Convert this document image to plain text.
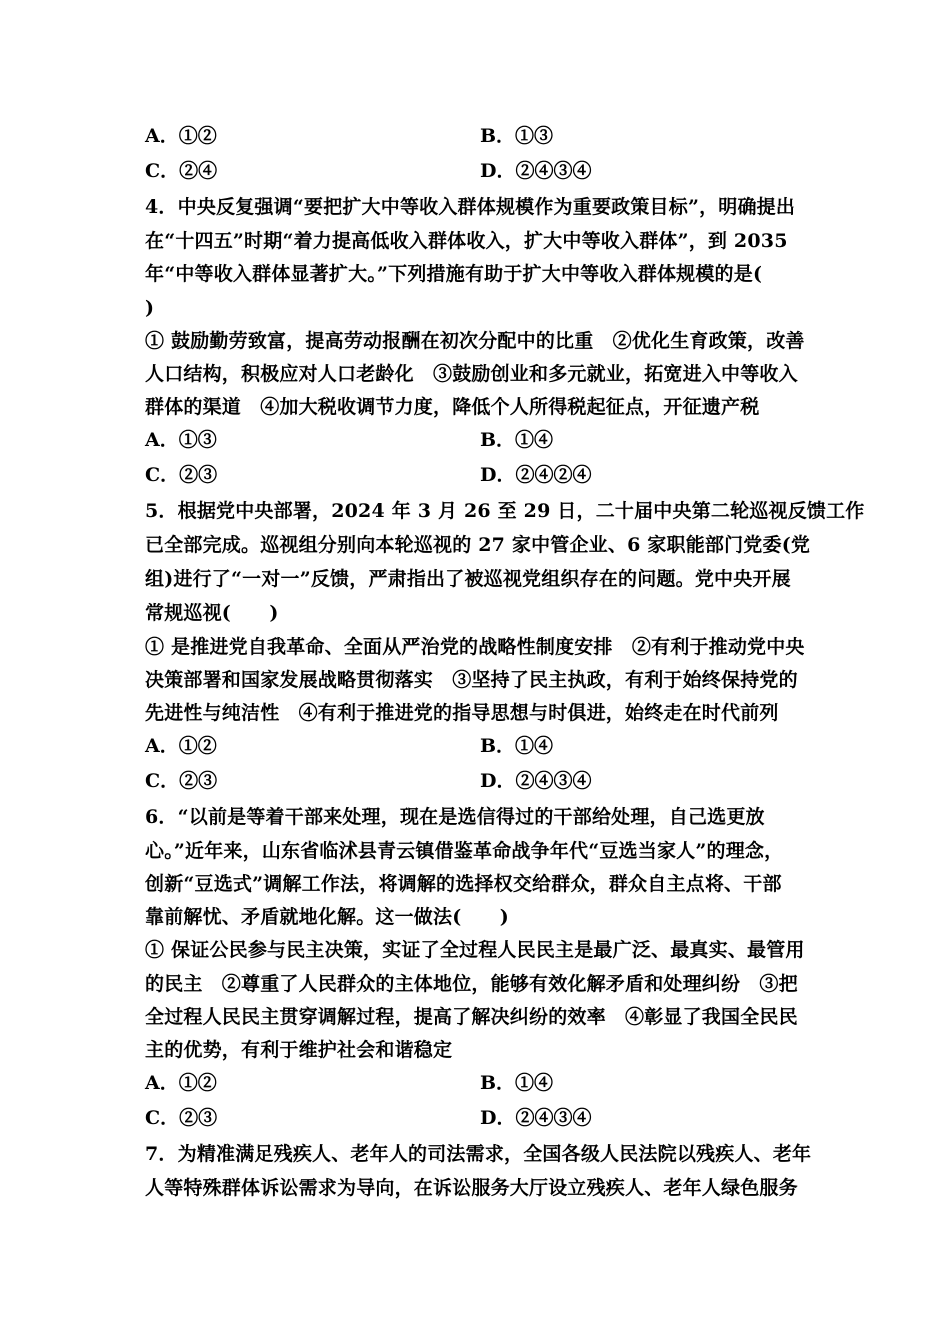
A．①②	B．①③
C．②④	D．②④③④
4．中央反复强调“要把扩大中等收入群体规模作为重要政策目标”，明确提出
在“十四五”时期“着力提高低收入群体收入，扩大中等收入群体”，到 2035
年“中等收入群体显著扩大。”下列措施有助于扩大中等收入群体规模的是(
)
① 鼓励勤劳致富，提高劳动报酬在初次分配中的比重　②优化生育政策，改善
人口结构，积极应对人口老龄化　③鼓励创业和多元就业，拓宽进入中等收入
群体的渠道　④加大税收调节力度，降低个人所得税起征点，开征遗产税
A．①③	B．①④
C．②③	D．②④②④
5．根据党中央部署，2024 年 3 月 26 至 29 日，二十届中央第二轮巡视反馈工作
已全部完成。巡视组分别向本轮巡视的 27 家中管企业、6 家职能部门党委(党
组)进行了“一对一”反馈，严肃指出了被巡视党组织存在的问题。党中央开展
常规巡视(　　)
① 是推进党自我革命、全面从严治党的战略性制度安排　②有利于推动党中央
决策部署和国家发展战略贯彻落实　③坚持了民主执政，有利于始终保持党的
先进性与纯洁性　④有利于推进党的指导思想与时俱进，始终走在时代前列
A．①②	B．①④
C．②③	D．②④③④
6．“以前是等着干部来处理，现在是选信得过的干部给处理，自己选更放
心。”近年来，山东省临沭县青云镇借鉴革命战争年代“豆选当家人”的理念，
创新“豆选式”调解工作法，将调解的选择权交给群众，群众自主点将、干部
靠前解忧、矛盾就地化解。这一做法(　　)
① 保证公民参与民主决策，实证了全过程人民民主是最广泛、最真实、最管用
的民主　②尊重了人民群众的主体地位，能够有效化解矛盾和处理纠纷　③把
全过程人民民主贯穿调解过程，提高了解决纠纷的效率　④彰显了我国全民民
主的优势，有利于维护社会和谐稳定
A．①②	B．①④
C．②③	D．②④③④
7．为精准满足残疾人、老年人的司法需求，全国各级人民法院以残疾人、老年
人等特殊群体诉讼需求为导向，在诉讼服务大厅设立残疾人、老年人绿色服务
